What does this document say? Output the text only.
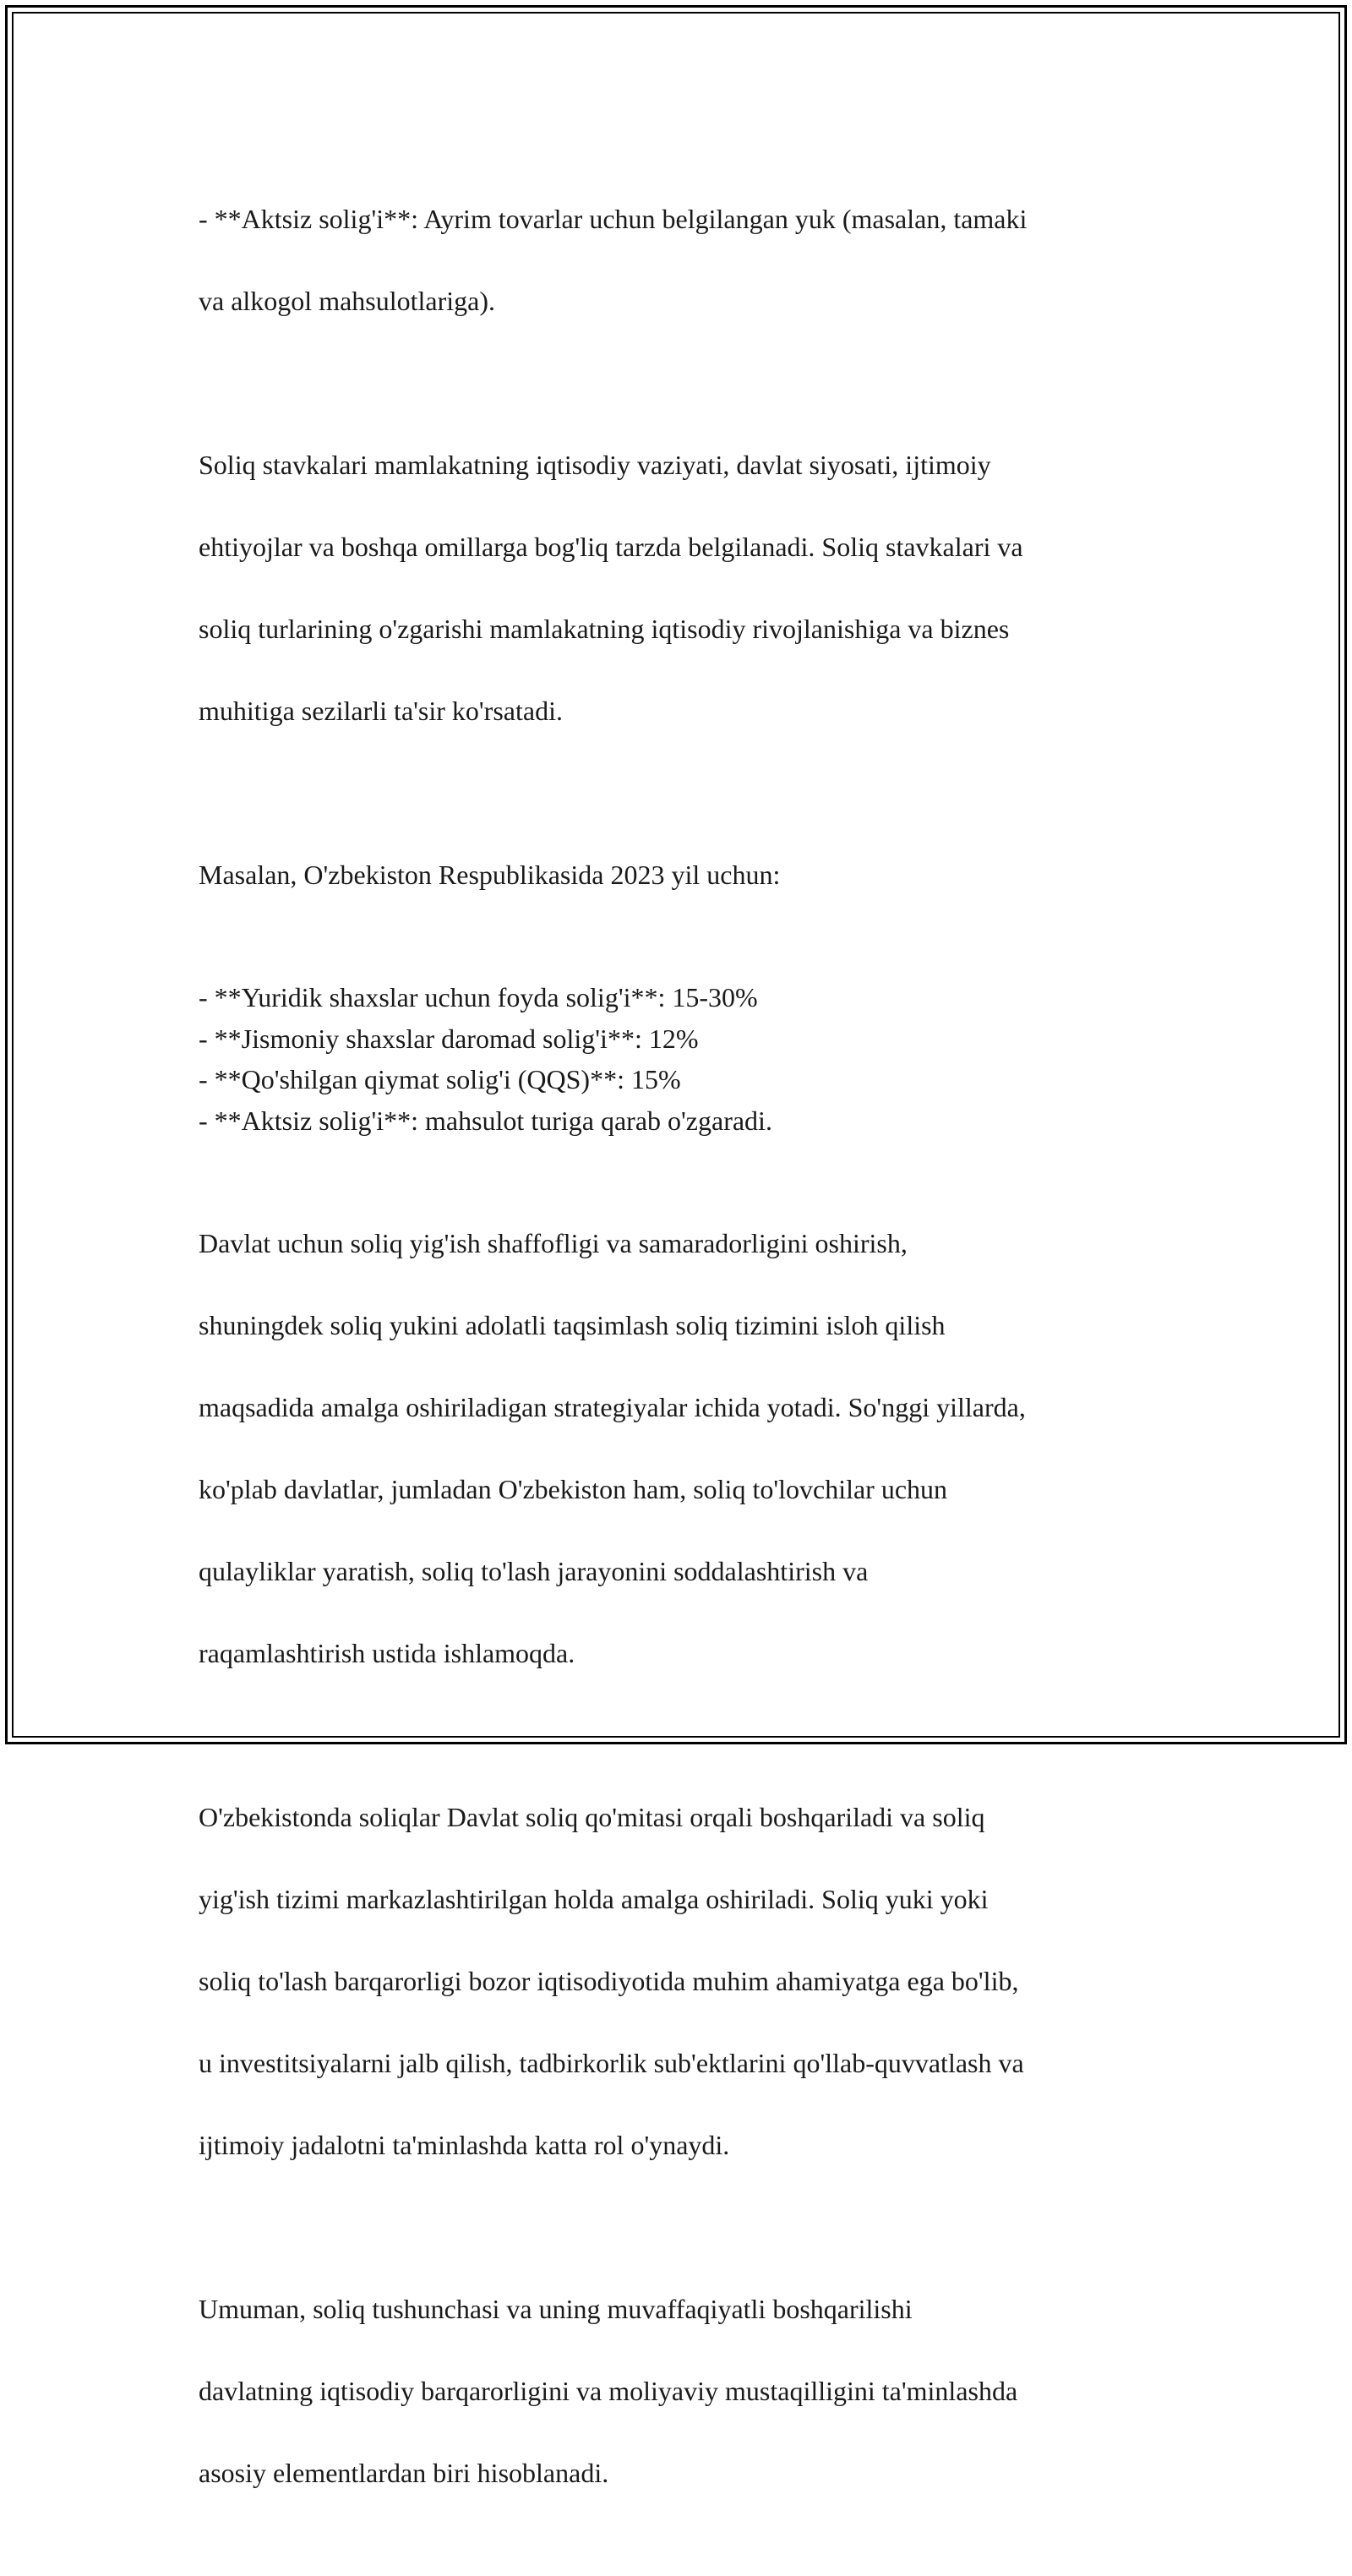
- **Aktsiz solig'i**: Ayrim tovarlar uchun belgilangan yuk (masalan, tamaki

va alkogol mahsulotlariga).

Soliq stavkalari mamlakatning iqtisodiy vaziyati, davlat siyosati, ijtimoiy

ehtiyojlar va boshqa omillarga bog'liq tarzda belgilanadi. Soliq stavkalari va

soliq turlarining o'zgarishi mamlakatning iqtisodiy rivojlanishiga va biznes

muhitiga sezilarli ta'sir ko'rsatadi.

Masalan, O'zbekiston Respublikasida 2023 yil uchun:

- **Yuridik shaxslar uchun foyda solig'i**: 15-30%
- **Jismoniy shaxslar daromad solig'i**: 12%
- **Qo'shilgan qiymat solig'i (QQS)**: 15%
- **Aktsiz solig'i**: mahsulot turiga qarab o'zgaradi.

Davlat uchun soliq yig'ish shaffofligi va samaradorligini oshirish,

shuningdek soliq yukini adolatli taqsimlash soliq tizimini isloh qilish

maqsadida amalga oshiriladigan strategiyalar ichida yotadi. So'nggi yillarda,

ko'plab davlatlar, jumladan O'zbekiston ham, soliq to'lovchilar uchun

qulayliklar yaratish, soliq to'lash jarayonini soddalashtirish va

raqamlashtirish ustida ishlamoqda.

O'zbekistonda soliqlar Davlat soliq qo'mitasi orqali boshqariladi va soliq

yig'ish tizimi markazlashtirilgan holda amalga oshiriladi. Soliq yuki yoki

soliq to'lash barqarorligi bozor iqtisodiyotida muhim ahamiyatga ega bo'lib,

u investitsiyalarni jalb qilish, tadbirkorlik sub'ektlarini qo'llab-quvvatlash va

ijtimoiy jadalotni ta'minlashda katta rol o'ynaydi.

Umuman, soliq tushunchasi va uning muvaffaqiyatli boshqarilishi

davlatning iqtisodiy barqarorligini va moliyaviy mustaqilligini ta'minlashda

asosiy elementlardan biri hisoblanadi.
